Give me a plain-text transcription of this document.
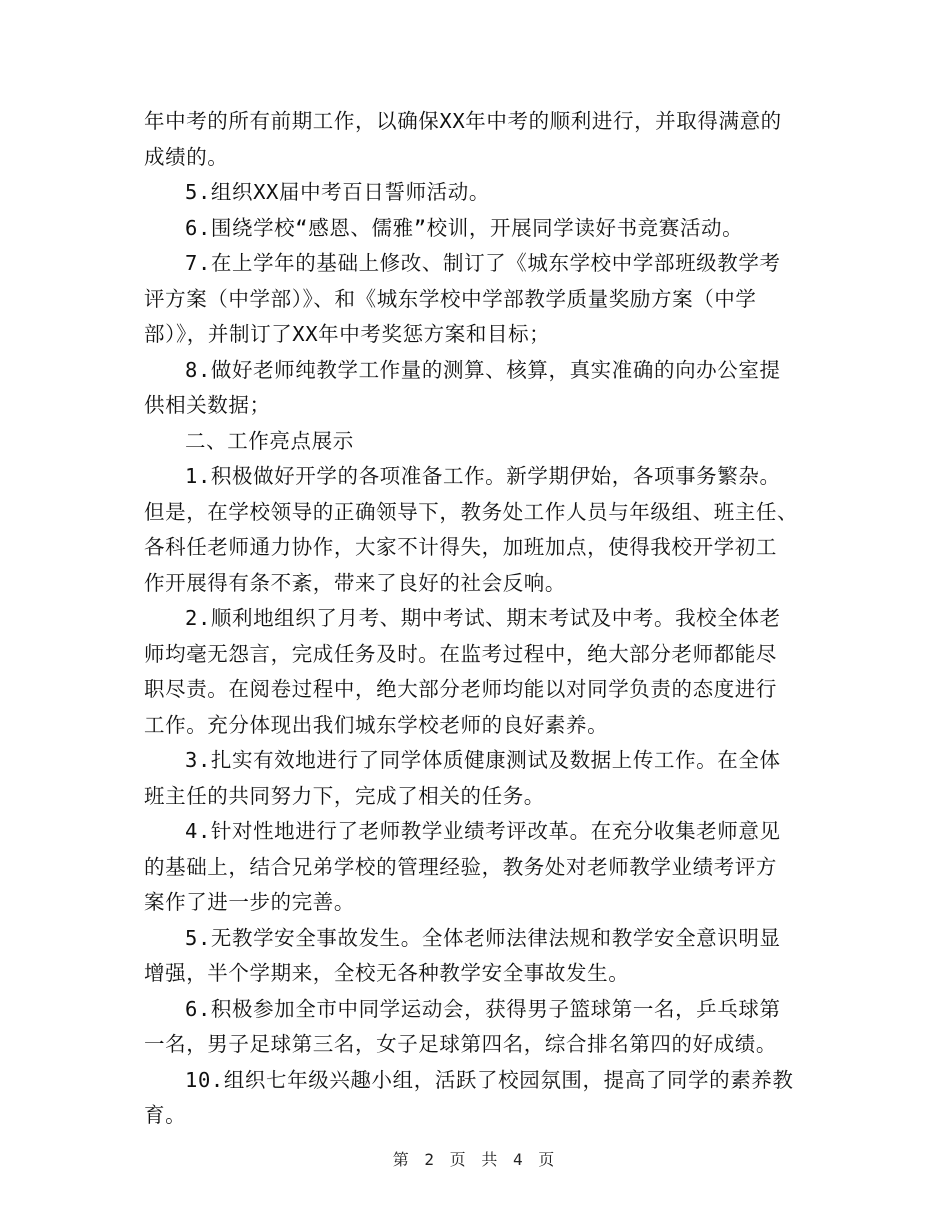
年中考的所有前期工作，以确保XX年中考的顺利进行，并取得满意的
成绩的。
5.组织XX届中考百日誓师活动。
6.围绕学校“感恩、儒雅”校训，开展同学读好书竞赛活动。
7.在上学年的基础上修改、制订了《城东学校中学部班级教学考
评方案（中学部）》、和《城东学校中学部教学质量奖励方案（中学
部）》，并制订了XX年中考奖惩方案和目标；
8.做好老师纯教学工作量的测算、核算，真实准确的向办公室提
供相关数据；
二、工作亮点展示
1.积极做好开学的各项准备工作。新学期伊始，各项事务繁杂。
但是，在学校领导的正确领导下，教务处工作人员与年级组、班主任、
各科任老师通力协作，大家不计得失，加班加点，使得我校开学初工
作开展得有条不紊，带来了良好的社会反响。
2.顺利地组织了月考、期中考试、期末考试及中考。我校全体老
师均毫无怨言，完成任务及时。在监考过程中，绝大部分老师都能尽
职尽责。在阅卷过程中，绝大部分老师均能以对同学负责的态度进行
工作。充分体现出我们城东学校老师的良好素养。
3.扎实有效地进行了同学体质健康测试及数据上传工作。在全体
班主任的共同努力下，完成了相关的任务。
4.针对性地进行了老师教学业绩考评改革。在充分收集老师意见
的基础上，结合兄弟学校的管理经验，教务处对老师教学业绩考评方
案作了进一步的完善。
5.无教学安全事故发生。全体老师法律法规和教学安全意识明显
增强，半个学期来，全校无各种教学安全事故发生。
6.积极参加全市中同学运动会，获得男子篮球第一名，乒乓球第
一名，男子足球第三名，女子足球第四名，综合排名第四的好成绩。
10.组织七年级兴趣小组，活跃了校园氛围，提高了同学的素养教
育。
第 2 页 共 4 页
